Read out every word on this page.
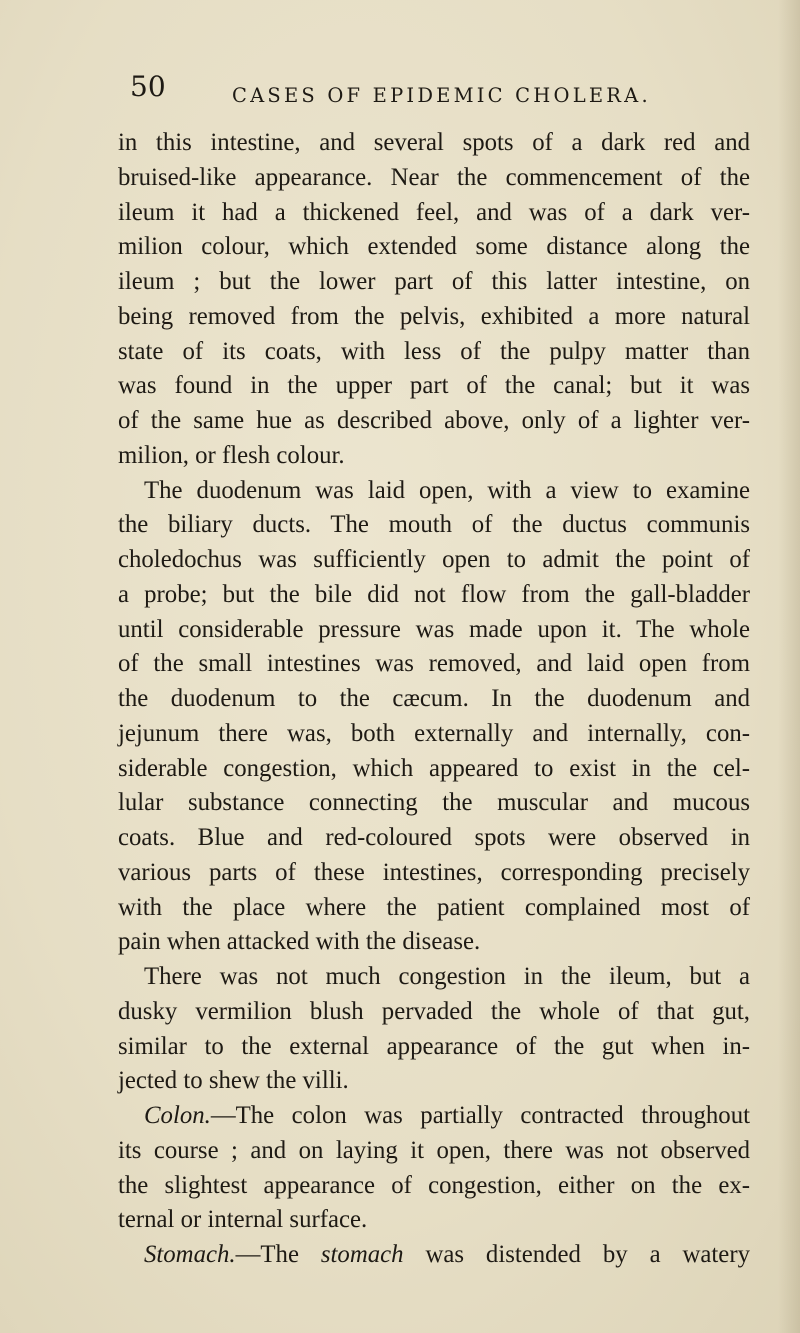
50	CASES OF EPIDEMIC CHOLERA.
in this intestine, and several spots of a dark red and
bruised-like appearance. Near the commencement of the
ileum it had a thickened feel, and was of a dark ver-
milion colour, which extended some distance along the
ileum ; but the lower part of this latter intestine, on
being removed from the pelvis, exhibited a more natural
state of its coats, with less of the pulpy matter than
was found in the upper part of the canal; but it was
of the same hue as described above, only of a lighter ver-
milion, or flesh colour.
The duodenum was laid open, with a view to examine
the biliary ducts. The mouth of the ductus communis
choledochus was sufficiently open to admit the point of
a probe; but the bile did not flow from the gall-bladder
until considerable pressure was made upon it. The whole
of the small intestines was removed, and laid open from
the duodenum to the cæcum. In the duodenum and
jejunum there was, both externally and internally, con-
siderable congestion, which appeared to exist in the cel-
lular substance connecting the muscular and mucous
coats. Blue and red-coloured spots were observed in
various parts of these intestines, corresponding precisely
with the place where the patient complained most of
pain when attacked with the disease.
There was not much congestion in the ileum, but a
dusky vermilion blush pervaded the whole of that gut,
similar to the external appearance of the gut when in-
jected to shew the villi.
Colon.—The colon was partially contracted throughout
its course ; and on laying it open, there was not observed
the slightest appearance of congestion, either on the ex-
ternal or internal surface.
Stomach.—The stomach was distended by a watery
